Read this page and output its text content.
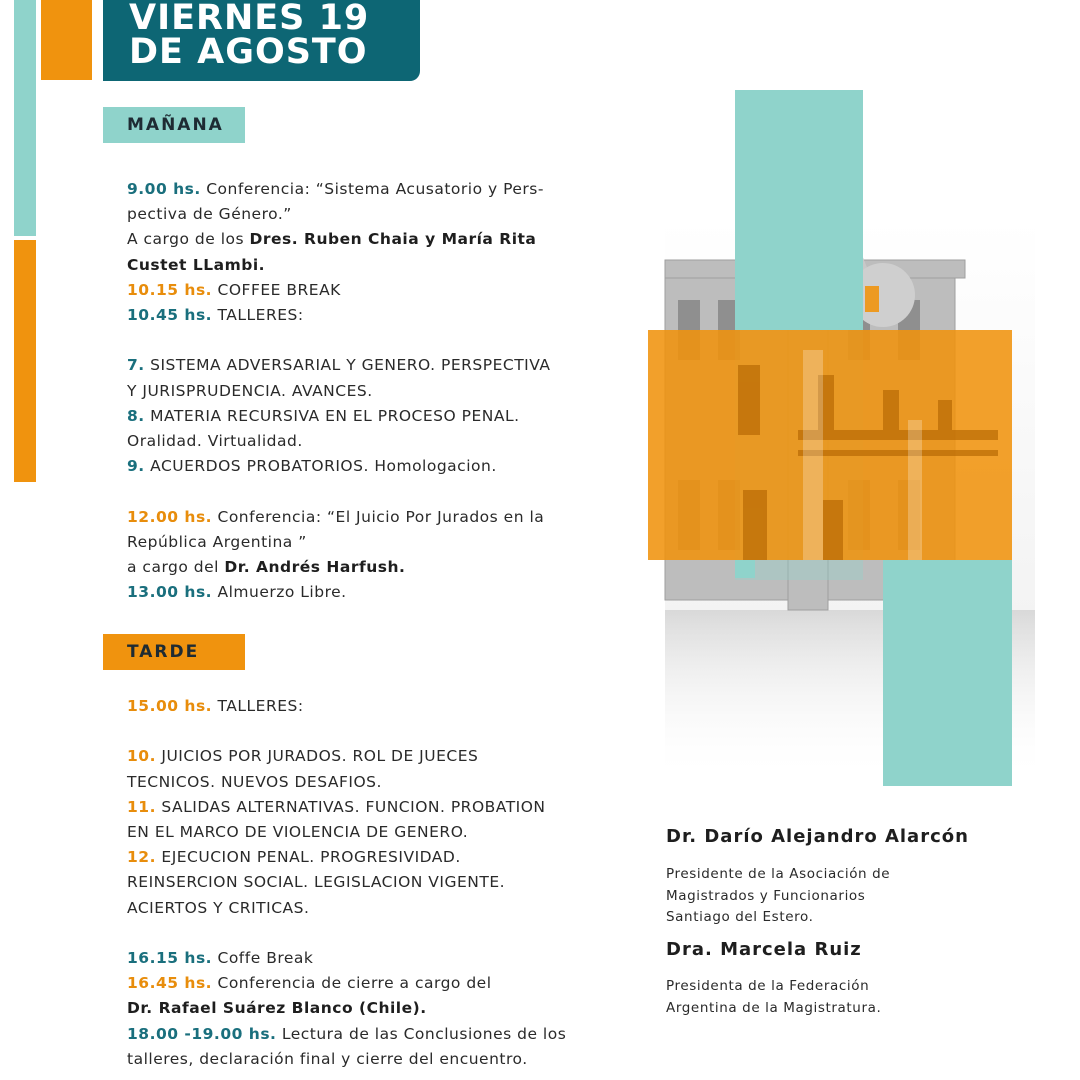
VIERNES 19
DE AGOSTO
MAÑANA

9.00 hs. Conferencia: “Sistema Acusatorio y Pers-

pectiva de Género.”

A cargo de los Dres. Ruben Chaia y María Rita

Custet LLambi.

10.15 hs. COFFEE BREAK

10.45 hs. TALLERES:

7. SISTEMA ADVERSARIAL Y GENERO. PERSPECTIVA

Y JURISPRUDENCIA. AVANCES.

8. MATERIA RECURSIVA EN EL PROCESO PENAL.

Oralidad. Virtualidad.

9. ACUERDOS PROBATORIOS. Homologacion.

12.00 hs. Conferencia: “El Juicio Por Jurados en la

República Argentina ”

a cargo del Dr. Andrés Harfush.

13.00 hs. Almuerzo Libre.

TARDE

15.00 hs. TALLERES:

10. JUICIOS POR JURADOS. ROL DE JUECES

TECNICOS. NUEVOS DESAFIOS.

11. SALIDAS ALTERNATIVAS. FUNCION. PROBATION

EN EL MARCO DE VIOLENCIA DE GENERO.

12. EJECUCION PENAL. PROGRESIVIDAD.

REINSERCION SOCIAL. LEGISLACION VIGENTE.

ACIERTOS Y CRITICAS.

16.15 hs. Coffe Break

16.45 hs. Conferencia de cierre a cargo del

Dr. Rafael Suárez Blanco (Chile).

18.00 -19.00 hs. Lectura de las Conclusiones de los

talleres, declaración final y cierre del encuentro.

Dr. Darío Alejandro Alarcón
Presidente de la Asociación de
Magistrados y Funcionarios
Santiago del Estero.
Dra. Marcela Ruiz
Presidenta de la Federación
Argentina de la Magistratura.
